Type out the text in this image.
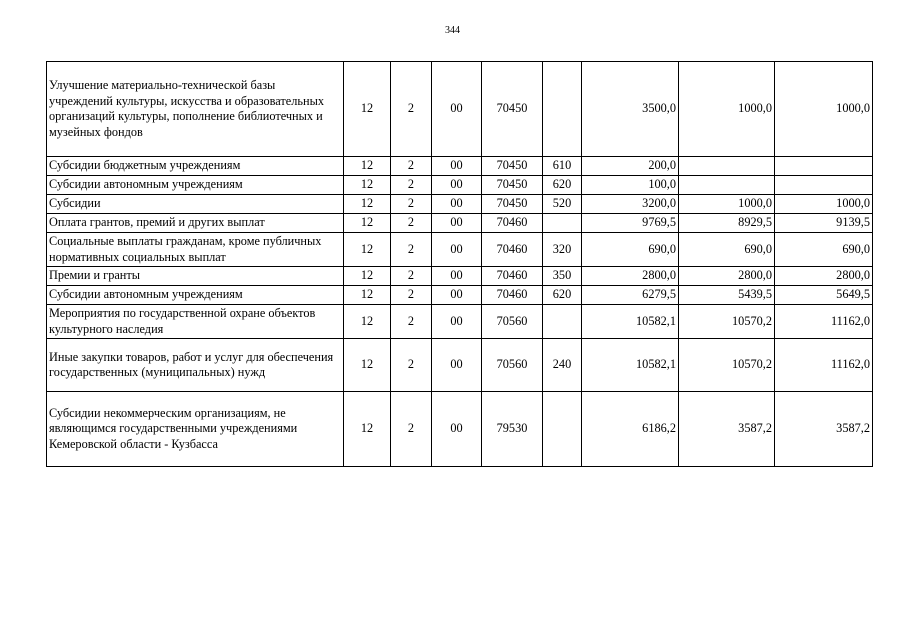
344
Улучшение материально-технической базы учреждений культуры, искусства и образовательных организаций культуры, пополнение библиотечных и музейных фондов	12	2	00	70450		3500,0	1000,0	1000,0
Субсидии бюджетным учреждениям	12	2	00	70450	610	200,0		
Субсидии автономным учреждениям	12	2	00	70450	620	100,0		
Субсидии	12	2	00	70450	520	3200,0	1000,0	1000,0
Оплата грантов, премий и других выплат	12	2	00	70460		9769,5	8929,5	9139,5
Социальные выплаты гражданам, кроме публичных нормативных социальных выплат	12	2	00	70460	320	690,0	690,0	690,0
Премии и гранты	12	2	00	70460	350	2800,0	2800,0	2800,0
Субсидии автономным учреждениям	12	2	00	70460	620	6279,5	5439,5	5649,5
Мероприятия по государственной охране объектов культурного наследия	12	2	00	70560		10582,1	10570,2	11162,0
Иные закупки товаров, работ и услуг для обеспечения государственных (муниципальных) нужд	12	2	00	70560	240	10582,1	10570,2	11162,0
Субсидии некоммерческим организациям, не являющимся государственными учреждениями Кемеровской области - Кузбасса	12	2	00	79530		6186,2	3587,2	3587,2
